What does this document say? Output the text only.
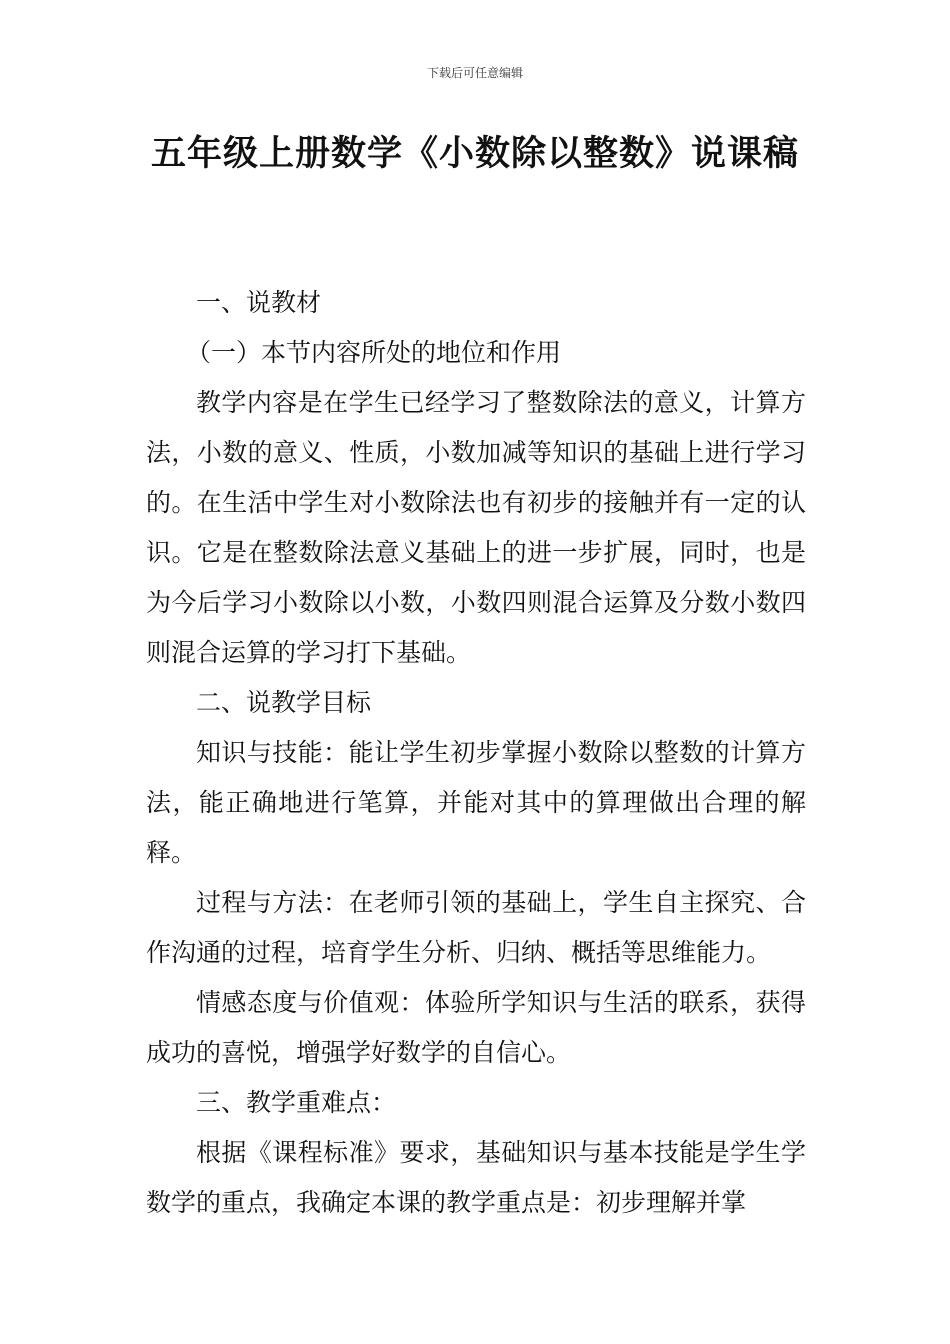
下载后可任意编辑
五年级上册数学《小数除以整数》说课稿

一、说教材

（一）本节内容所处的地位和作用

教学内容是在学生已经学习了整数除法的意义，计算方法，小数的意义、性质，小数加减等知识的基础上进行学习的。在生活中学生对小数除法也有初步的接触并有一定的认识。它是在整数除法意义基础上的进一步扩展，同时，也是为今后学习小数除以小数，小数四则混合运算及分数小数四则混合运算的学习打下基础。

二、说教学目标

知识与技能：能让学生初步掌握小数除以整数的计算方法，能正确地进行笔算，并能对其中的算理做出合理的解释。

过程与方法：在老师引领的基础上，学生自主探究、合作沟通的过程，培育学生分析、归纳、概括等思维能力。

情感态度与价值观：体验所学知识与生活的联系，获得成功的喜悦，增强学好数学的自信心。

三、教学重难点：

根据《课程标准》要求，基础知识与基本技能是学生学数学的重点，我确定本课的教学重点是：初步理解并掌
